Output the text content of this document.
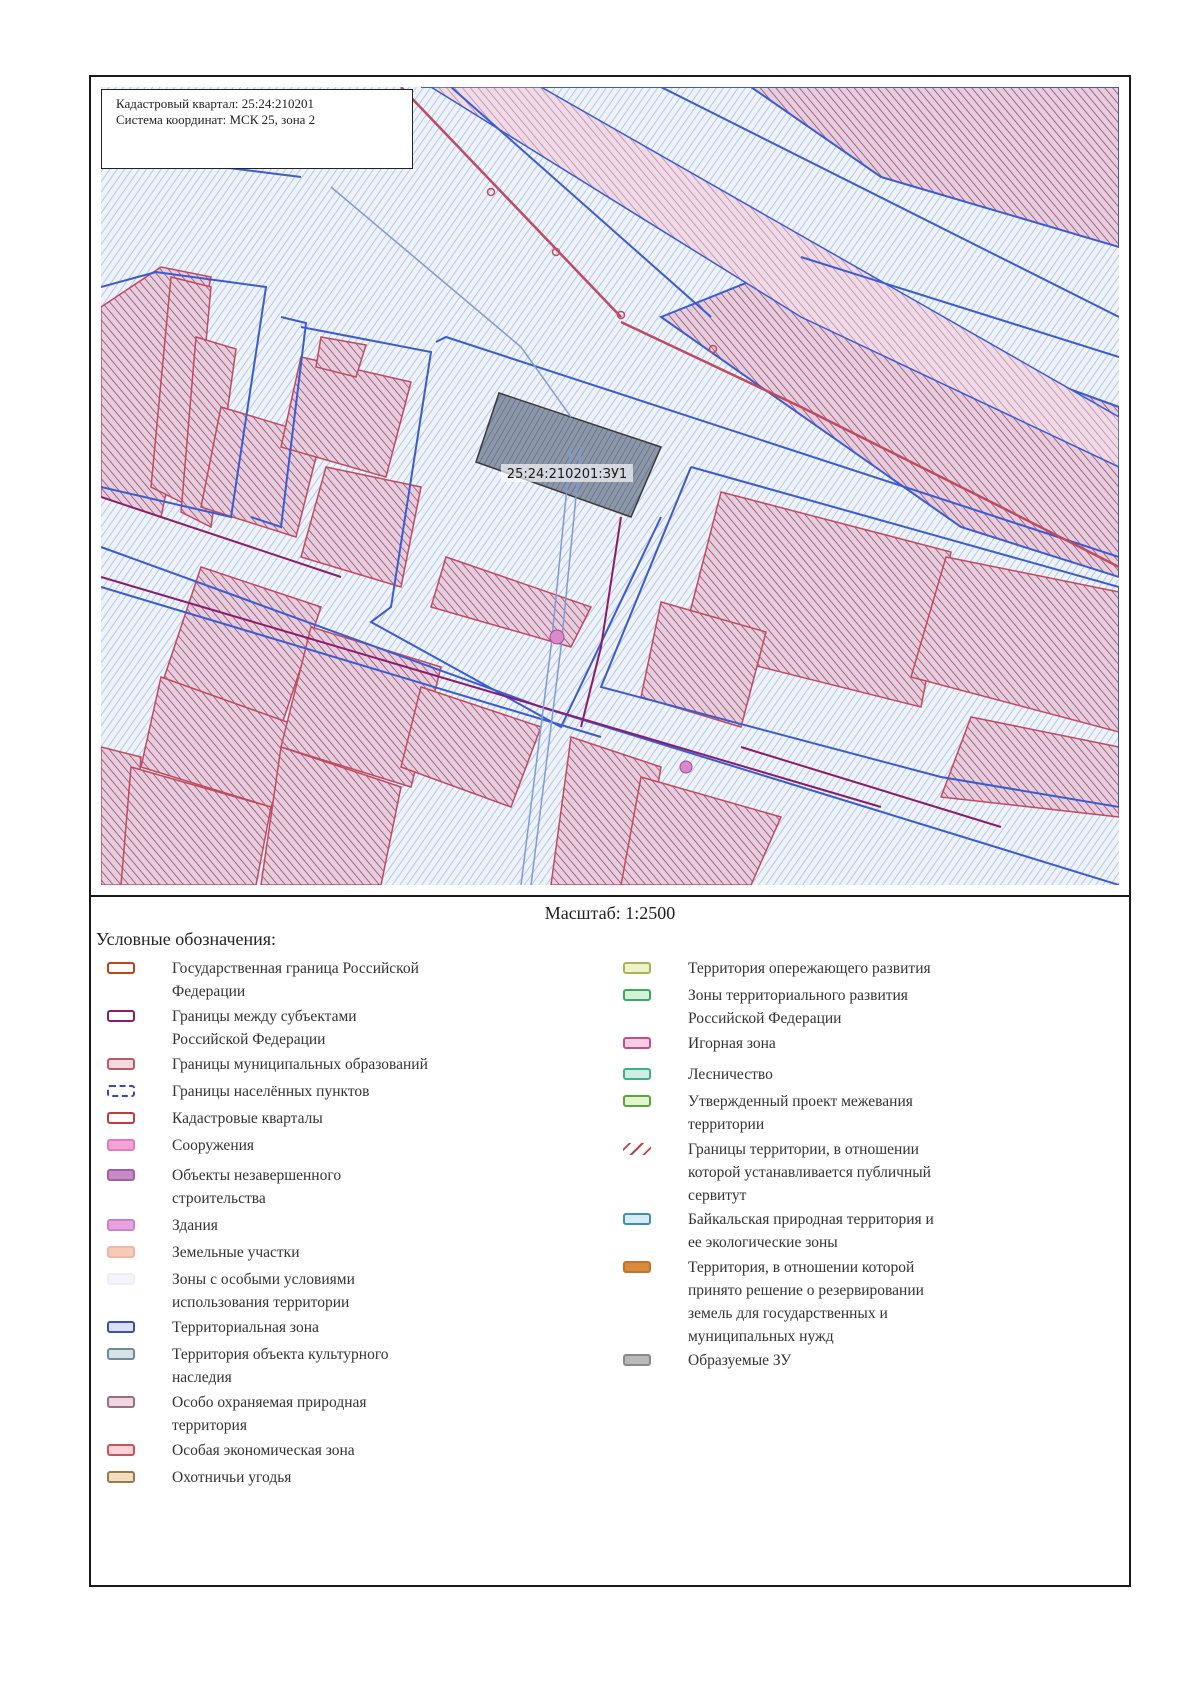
25:24:210201:ЗУ1
Кадастровый квартал: 25:24:210201
Система координат: МСК 25, зона 2
Масштаб: 1:2500
Условные обозначения:
Государственная граница Российской
Федерации
Границы между субъектами
Российской Федерации
Границы муниципальных образований
Границы населённых пунктов
Кадастровые кварталы
Сооружения
Объекты незавершенного
строительства
Здания
Земельные участки
Зоны с особыми условиями
использования территории
Территориальная зона
Территория объекта культурного
наследия
Особо охраняемая природная
территория
Особая экономическая зона
Охотничьи угодья
Территория опережающего развития
Зоны территориального развития
Российской Федерации
Игорная зона
Лесничество
Утвержденный проект межевания
территории
Границы территории, в отношении
которой устанавливается публичный
сервитут
Байкальская природная территория и
ее экологические зоны
Территория, в отношении которой
принято решение о резервировании
земель для государственных и
муниципальных нужд
Образуемые ЗУ
